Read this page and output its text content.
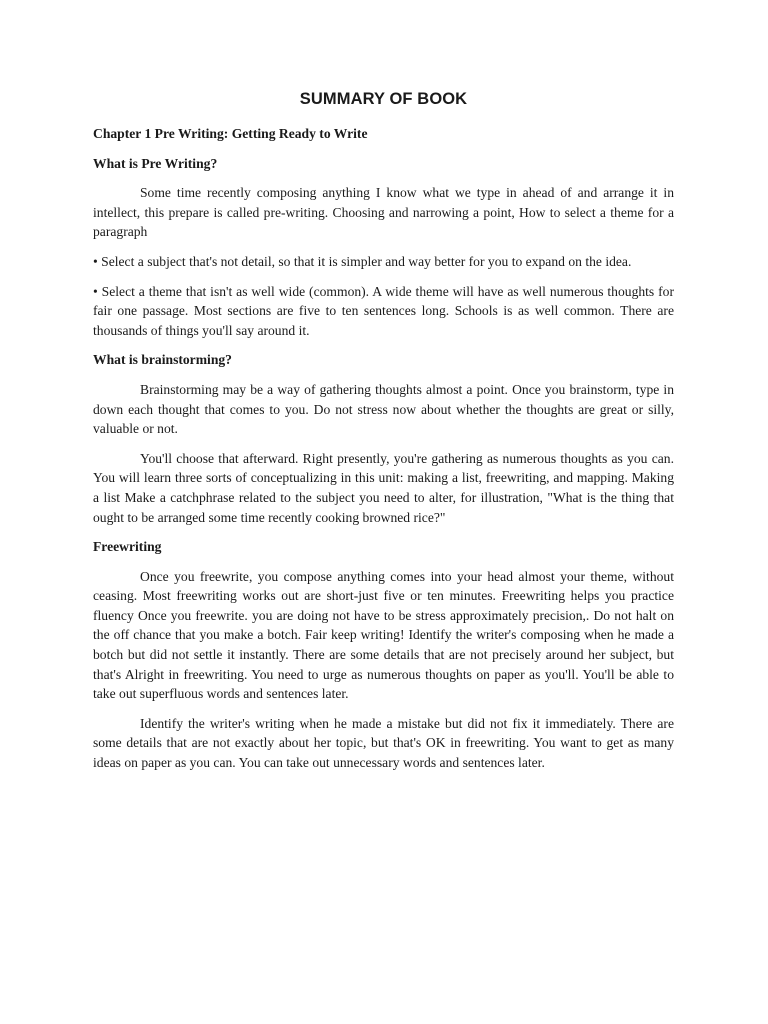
SUMMARY OF BOOK
Chapter 1 Pre Writing: Getting Ready to Write
What is Pre Writing?

Some time recently composing anything I know what we type in ahead of and arrange it in intellect, this prepare is called pre-writing. Choosing and narrowing a point, How to select a theme for a paragraph

• Select a subject that's not detail, so that it is simpler and way better for you to expand on the idea.

• Select a theme that isn't as well wide (common). A wide theme will have as well numerous thoughts for fair one passage. Most sections are five to ten sentences long. Schools is as well common. There are thousands of things you'll say around it.

What is brainstorming?

Brainstorming may be a way of gathering thoughts almost a point. Once you brainstorm, type in down each thought that comes to you. Do not stress now about whether the thoughts are great or silly, valuable or not.

You'll choose that afterward. Right presently, you're gathering as numerous thoughts as you can. You will learn three sorts of conceptualizing in this unit: making a list, freewriting, and mapping. Making a list Make a catchphrase related to the subject you need to alter, for illustration, "What is the thing that ought to be arranged some time recently cooking browned rice?"

Freewriting

Once you freewrite, you compose anything comes into your head almost your theme, without ceasing. Most freewriting works out are short-just five or ten minutes. Freewriting helps you practice fluency Once you freewrite. you are doing not have to be stress approximately precision,. Do not halt on the off chance that you make a botch. Fair keep writing! Identify the writer's composing when he made a botch but did not settle it instantly. There are some details that are not precisely around her subject, but that's Alright in freewriting. You need to urge as numerous thoughts on paper as you'll. You'll be able to take out superfluous words and sentences later.

Identify the writer's writing when he made a mistake but did not fix it immediately. There are some details that are not exactly about her topic, but that's OK in freewriting. You want to get as many ideas on paper as you can. You can take out unnecessary words and sentences later.
